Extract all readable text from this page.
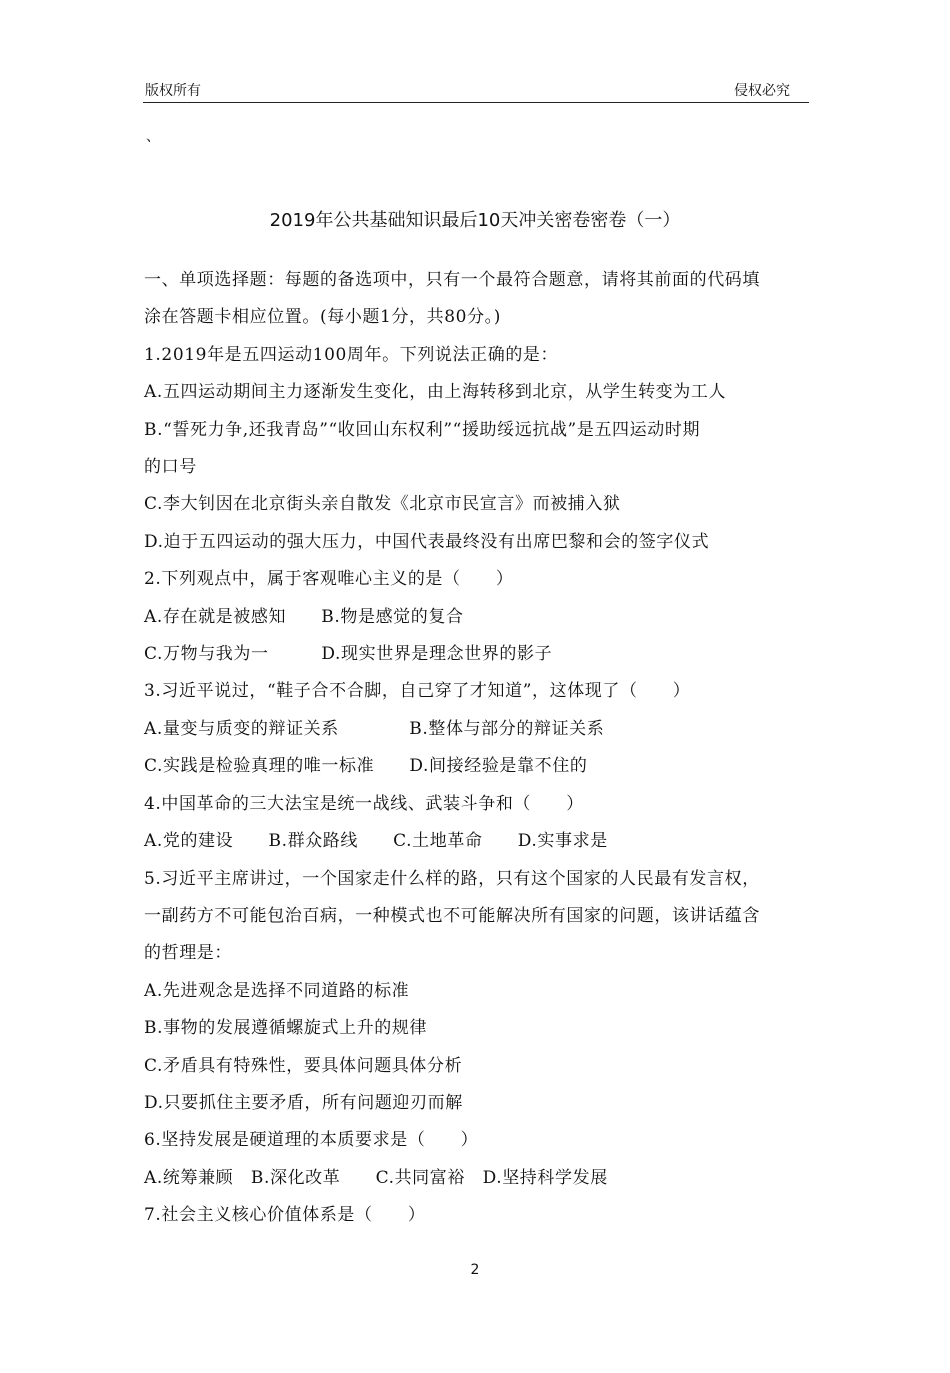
版权所有	侵权必究
、
2019年公共基础知识最后10天冲关密卷密卷（一）

一、单项选择题：每题的备选项中，只有一个最符合题意，请将其前面的代码填

涂在答题卡相应位置。(每小题1分，共80分。)

1.2019年是五四运动100周年。下列说法正确的是：

A.五四运动期间主力逐渐发生变化，由上海转移到北京，从学生转变为工人

B.“誓死力争,还我青岛”“收回山东权利”“援助绥远抗战”是五四运动时期

的口号

C.李大钊因在北京街头亲自散发《北京市民宣言》而被捕入狱

D.迫于五四运动的强大压力，中国代表最终没有出席巴黎和会的签字仪式

2.下列观点中，属于客观唯心主义的是（　　）

A.存在就是被感知　　B.物是感觉的复合

C.万物与我为一　　　D.现实世界是理念世界的影子

3.习近平说过，“鞋子合不合脚，自己穿了才知道”，这体现了（　　）

A.量变与质变的辩证关系　　　　B.整体与部分的辩证关系

C.实践是检验真理的唯一标准　　D.间接经验是靠不住的

4.中国革命的三大法宝是统一战线、武装斗争和（　　）

A.党的建设　　B.群众路线　　C.土地革命　　D.实事求是

5.习近平主席讲过，一个国家走什么样的路，只有这个国家的人民最有发言权，

一副药方不可能包治百病，一种模式也不可能解决所有国家的问题，该讲话蕴含

的哲理是：

A.先进观念是选择不同道路的标准

B.事物的发展遵循螺旋式上升的规律

C.矛盾具有特殊性，要具体问题具体分析

D.只要抓住主要矛盾，所有问题迎刃而解

6.坚持发展是硬道理的本质要求是（　　）

A.统筹兼顾　B.深化改革　　C.共同富裕　D.坚持科学发展

7.社会主义核心价值体系是（　　）

2
